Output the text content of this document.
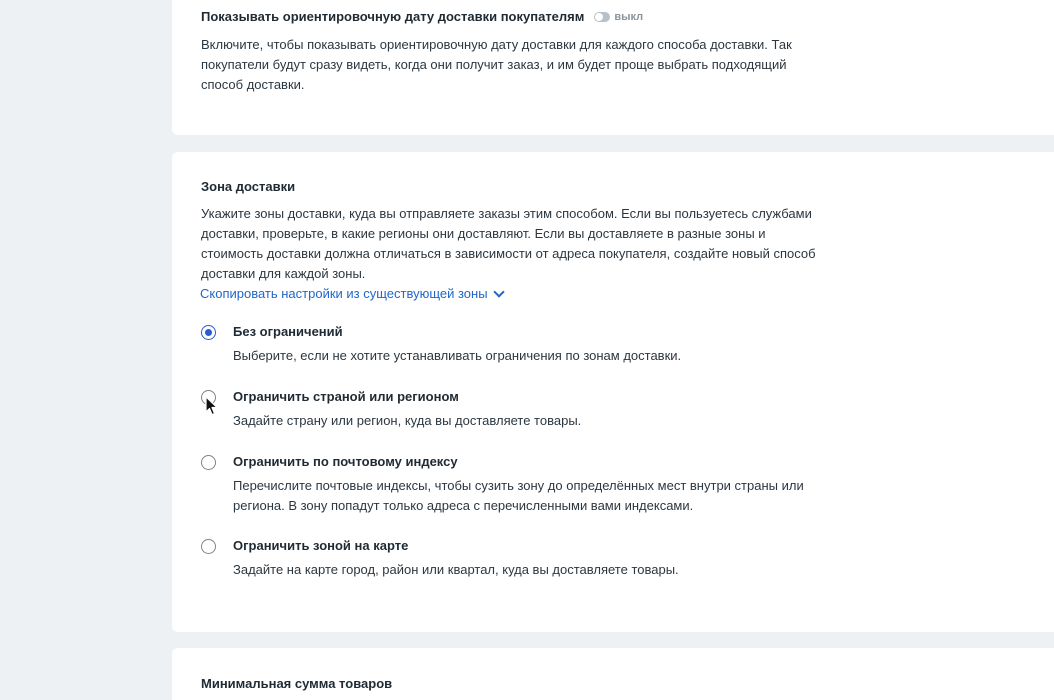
Показывать ориентировочную дату доставки покупателям	выкл
Включите, чтобы показывать ориентировочную дату доставки для каждого способа доставки. Так покупатели будут сразу видеть, когда они получит заказ, и им будет проще выбрать подходящий способ доставки.
Зона доставки
Укажите зоны доставки, куда вы отправляете заказы этим способом. Если вы пользуетесь службами доставки, проверьте, в какие регионы они доставляют. Если вы доставляете в разные зоны и стоимость доставки должна отличаться в зависимости от адреса покупателя, создайте новый способ доставки для каждой зоны.
Скопировать настройки из существующей зоны
Без ограничений
Выберите, если не хотите устанавливать ограничения по зонам доставки.
Ограничить страной или регионом
Задайте страну или регион, куда вы доставляете товары.
Ограничить по почтовому индексу
Перечислите почтовые индексы, чтобы сузить зону до определённых мест внутри страны или региона. В зону попадут только адреса с перечисленными вами индексами.
Ограничить зоной на карте
Задайте на карте город, район или квартал, куда вы доставляете товары.
Минимальная сумма товаров
